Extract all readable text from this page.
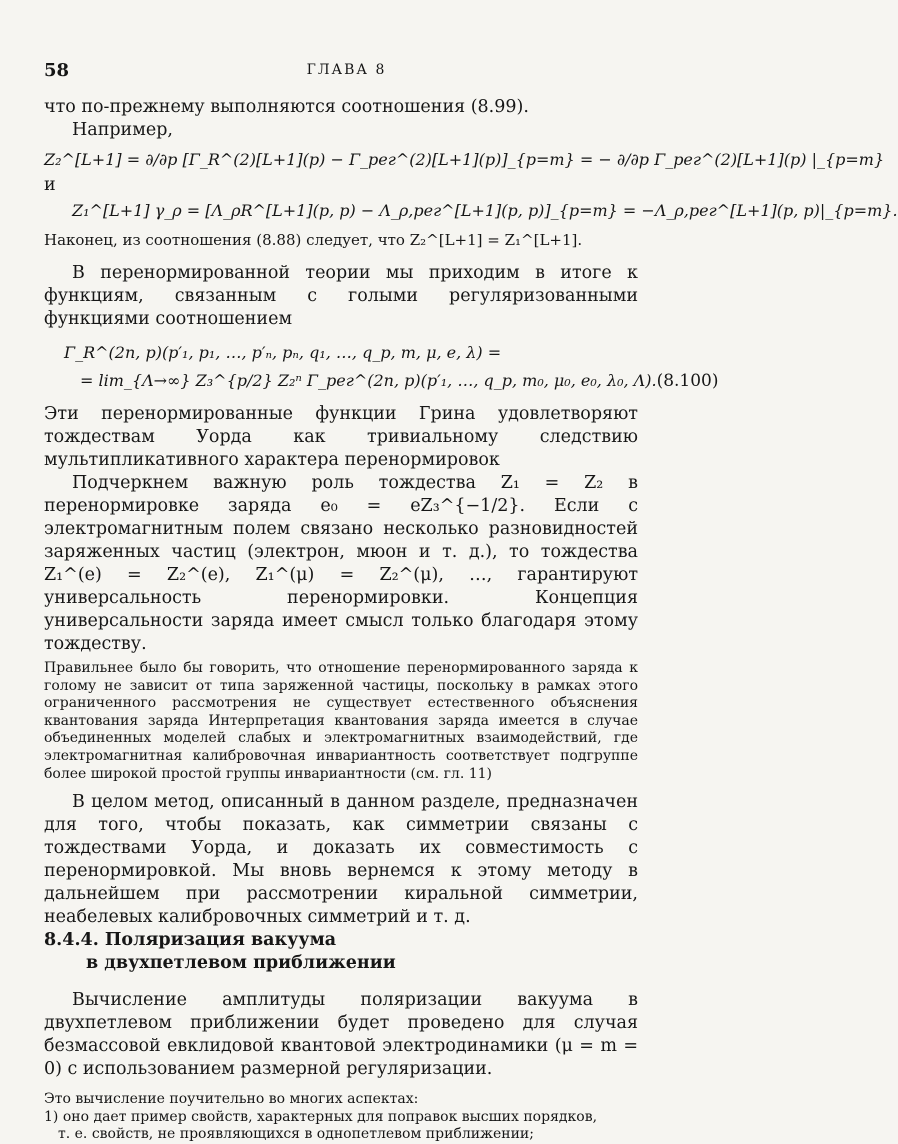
58	ГЛАВА 8

что по-прежнему выполняются соотношения (8.99).

Например,

Z₂^[L+1] = ∂/∂p [Γ_R^(2)[L+1](p) − Γ_рег^(2)[L+1](p)]_{p=m} = − ∂/∂p Γ_рег^(2)[L+1](p) |_{p=m}

и

Z₁^[L+1] γ_ρ = [Λ_ρR^[L+1](p, p) − Λ_ρ,рег^[L+1](p, p)]_{p=m} = −Λ_ρ,рег^[L+1](p, p)|_{p=m}.

Наконец, из соотношения (8.88) следует, что Z₂^[L+1] = Z₁^[L+1].

В перенормированной теории мы приходим в итоге к функциям, связанным с голыми регуляризованными функциями соотношением

Γ_R^(2n, p)(p′₁, p₁, …, p′ₙ, pₙ, q₁, …, q_p, m, μ, e, λ) =
= lim_{Λ→∞} Z₃^{p/2} Z₂ⁿ Γ_рег^(2n, p)(p′₁, …, q_p, m₀, μ₀, e₀, λ₀, Λ). (8.100)

Эти перенормированные функции Грина удовлетворяют тождествам Уорда как тривиальному следствию мультипликативного характера перенормировок

Подчеркнем важную роль тождества Z₁ = Z₂ в перенормировке заряда e₀ = eZ₃^{−1/2}. Если с электромагнитным полем связано несколько разновидностей заряженных частиц (электрон, мюон и т. д.), то тождества Z₁^(e) = Z₂^(e), Z₁^(μ) = Z₂^(μ), …, гарантируют универсальность перенормировки. Концепция универсальности заряда имеет смысл только благодаря этому тождеству.

Правильнее было бы говорить, что отношение перенормированного заряда к голому не зависит от типа заряженной частицы, поскольку в рамках этого ограниченного рассмотрения не существует естественного объяснения квантования заряда Интерпретация квантования заряда имеется в случае объединенных моделей слабых и электромагнитных взаимодействий, где электромагнитная калибровочная инвариантность соответствует подгруппе более широкой простой группы инвариантности (см. гл. 11)

В целом метод, описанный в данном разделе, предназначен для того, чтобы показать, как симметрии связаны с тождествами Уорда, и доказать их совместимость с перенормировкой. Мы вновь вернемся к этому методу в дальнейшем при рассмотрении киральной симметрии, неабелевых калибровочных симметрий и т. д.

8.4.4. Поляризация вакуума
в двухпетлевом приближении

Вычисление амплитуды поляризации вакуума в двухпетлевом приближении будет проведено для случая безмассовой евклидовой квантовой электродинамики (μ = m = 0) с использованием размерной регуляризации.

Это вычисление поучительно во многих аспектах:

1) оно дает пример свойств, характерных для поправок высших порядков,
т. е. свойств, не проявляющихся в однопетлевом приближении;
